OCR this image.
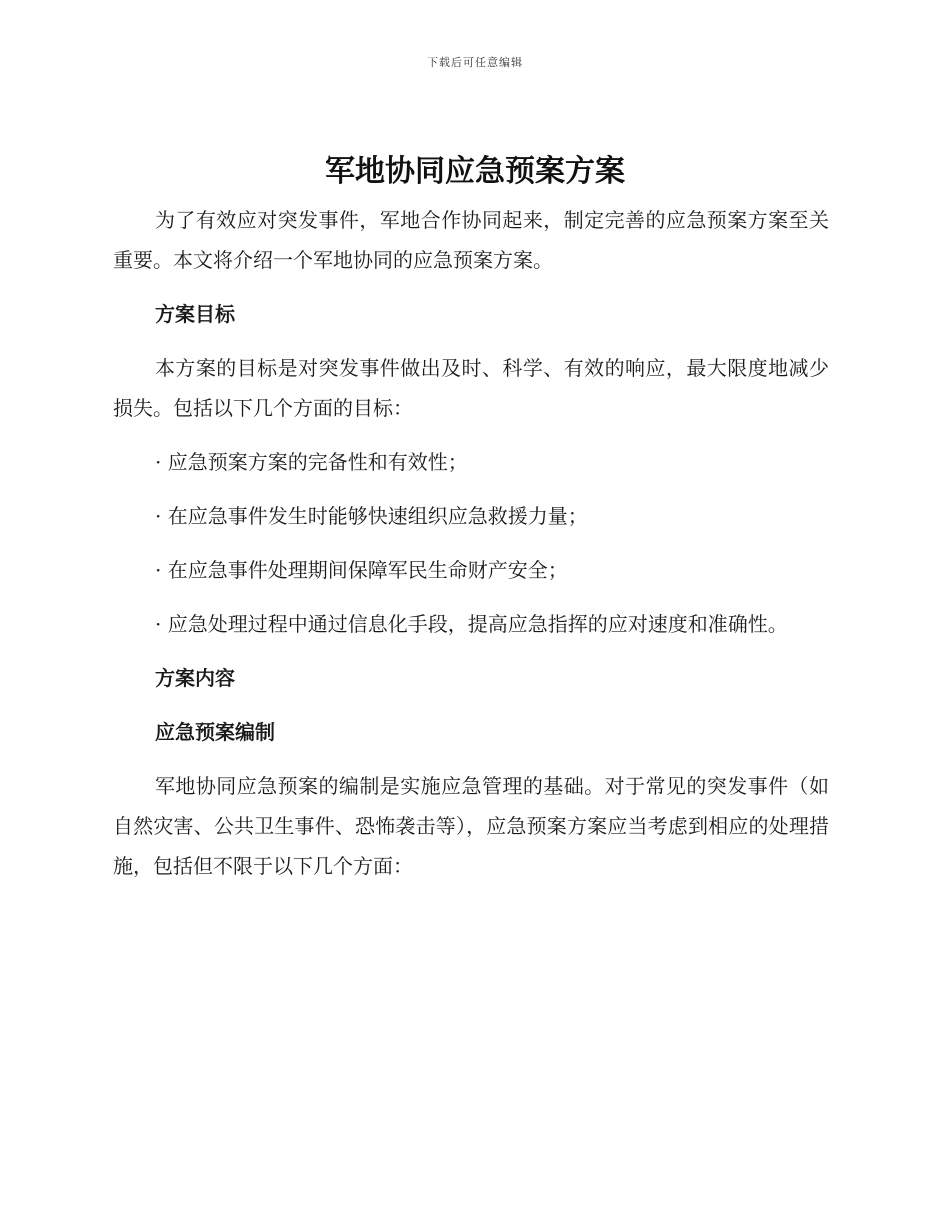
下载后可任意编辑
军地协同应急预案方案

为了有效应对突发事件，军地合作协同起来，制定完善的应急预案方案至关重要。本文将介绍一个军地协同的应急预案方案。

方案目标

本方案的目标是对突发事件做出及时、科学、有效的响应，最大限度地减少损失。包括以下几个方面的目标：

· 应急预案方案的完备性和有效性；

· 在应急事件发生时能够快速组织应急救援力量；

· 在应急事件处理期间保障军民生命财产安全；

· 应急处理过程中通过信息化手段，提高应急指挥的应对速度和准确性。

方案内容

应急预案编制

军地协同应急预案的编制是实施应急管理的基础。对于常见的突发事件（如自然灾害、公共卫生事件、恐怖袭击等），应急预案方案应当考虑到相应的处理措施，包括但不限于以下几个方面：
